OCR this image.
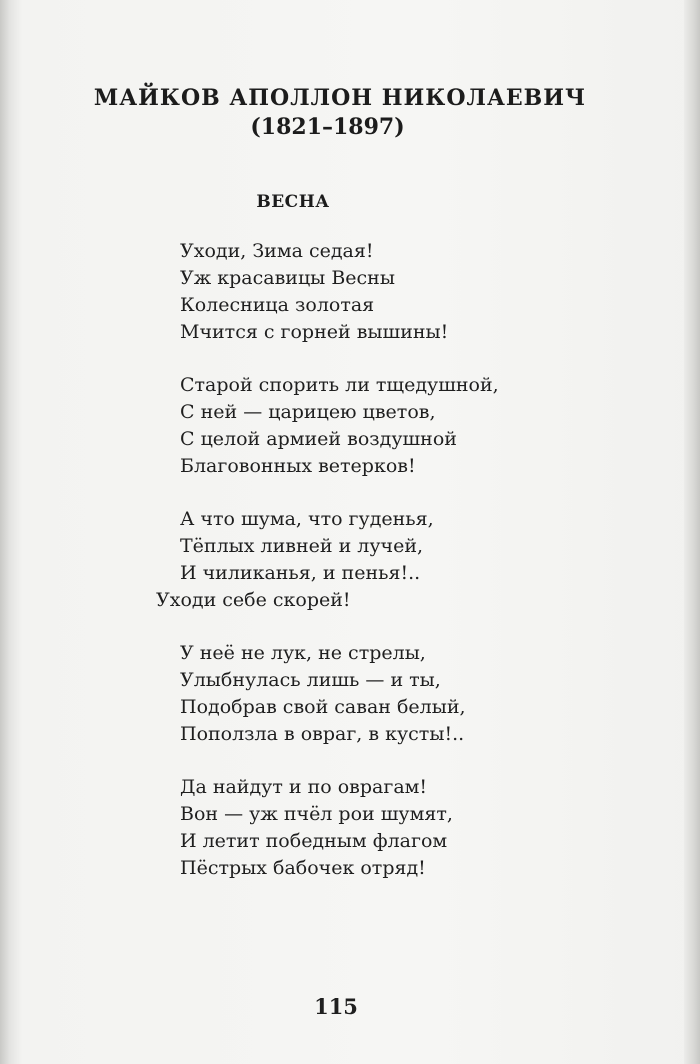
МАЙКОВ АПОЛЛОН НИКОЛАЕВИЧ
(1821–1897)
ВЕСНА
Уходи, Зима седая!
Уж красавицы Весны
Колесница золотая
Мчится с горней вышины!
Старой спорить ли тщедушной,
С ней — царицею цветов,
С целой армией воздушной
Благовонных ветерков!
А что шума, что гуденья,
Тёплых ливней и лучей,
И чиликанья, и пенья!..
Уходи себе скорей!
У неё не лук, не стрелы,
Улыбнулась лишь — и ты,
Подобрав свой саван белый,
Поползла в овраг, в кусты!..
Да найдут и по оврагам!
Вон — уж пчёл рои шумят,
И летит победным флагом
Пёстрых бабочек отряд!
115
